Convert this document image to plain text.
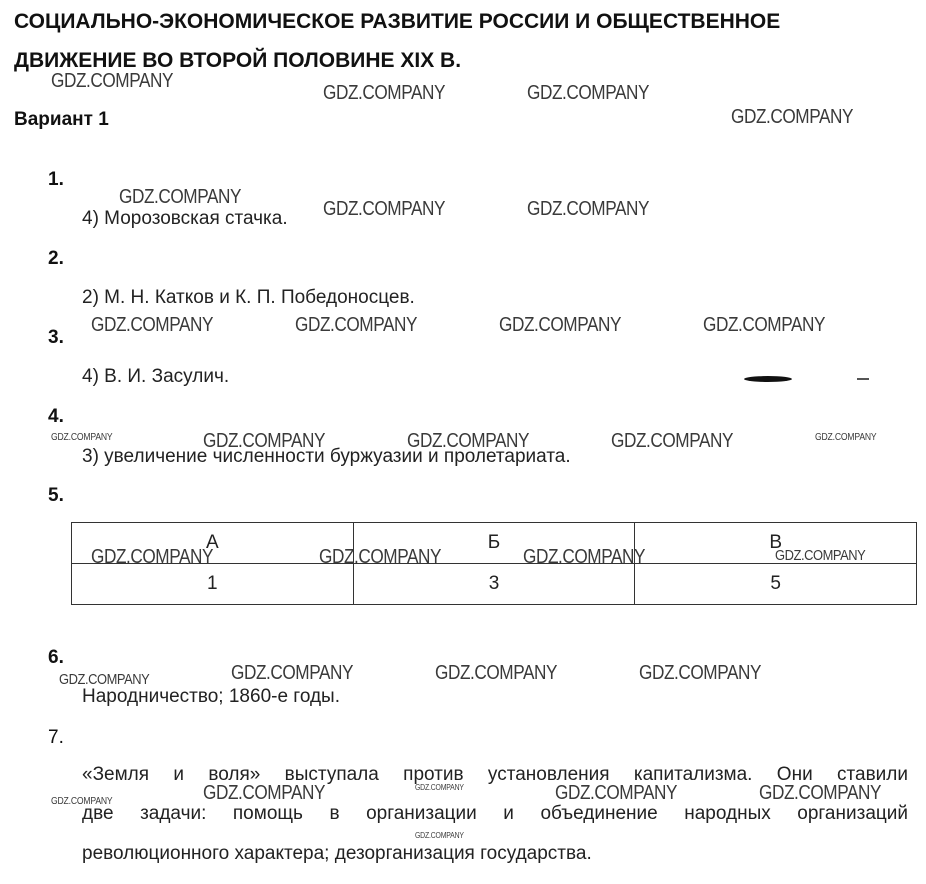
СОЦИАЛЬНО-ЭКОНОМИЧЕСКОЕ РАЗВИТИЕ РОССИИ И ОБЩЕСТВЕННОЕ
ДВИЖЕНИЕ ВО ВТОРОЙ ПОЛОВИНЕ XIX В.
Вариант 1
1.
4) Морозовская стачка.
2.
2) М. Н. Катков и К. П. Победоносцев.
3.
4) В. И. Засулич.
4.
3) увеличение численности буржуазии и пролетариата.
5.
А	Б	В
1	3	5
6.
Народничество; 1860-е годы.
7.
«Земля и воля» выступала против установления капитализма. Они ставили
две задачи: помощь в организации и объединение народных организаций
революционного характера; дезорганизация государства.
GDZ.COMPANY
GDZ.COMPANY	GDZ.COMPANY
GDZ.COMPANY
GDZ.COMPANY
GDZ.COMPANY	GDZ.COMPANY
GDZ.COMPANY	GDZ.COMPANY	GDZ.COMPANY	GDZ.COMPANY
GDZ.COMPANY	GDZ.COMPANY	GDZ.COMPANY	GDZ.COMPANY	GDZ.COMPANY
GDZ.COMPANY	GDZ.COMPANY	GDZ.COMPANY	GDZ.COMPANY
GDZ.COMPANY	GDZ.COMPANY	GDZ.COMPANY	GDZ.COMPANY
GDZ.COMPANY	GDZ.COMPANY	GDZ.COMPANY	GDZ.COMPANY	GDZ.COMPANY
GDZ.COMPANY
